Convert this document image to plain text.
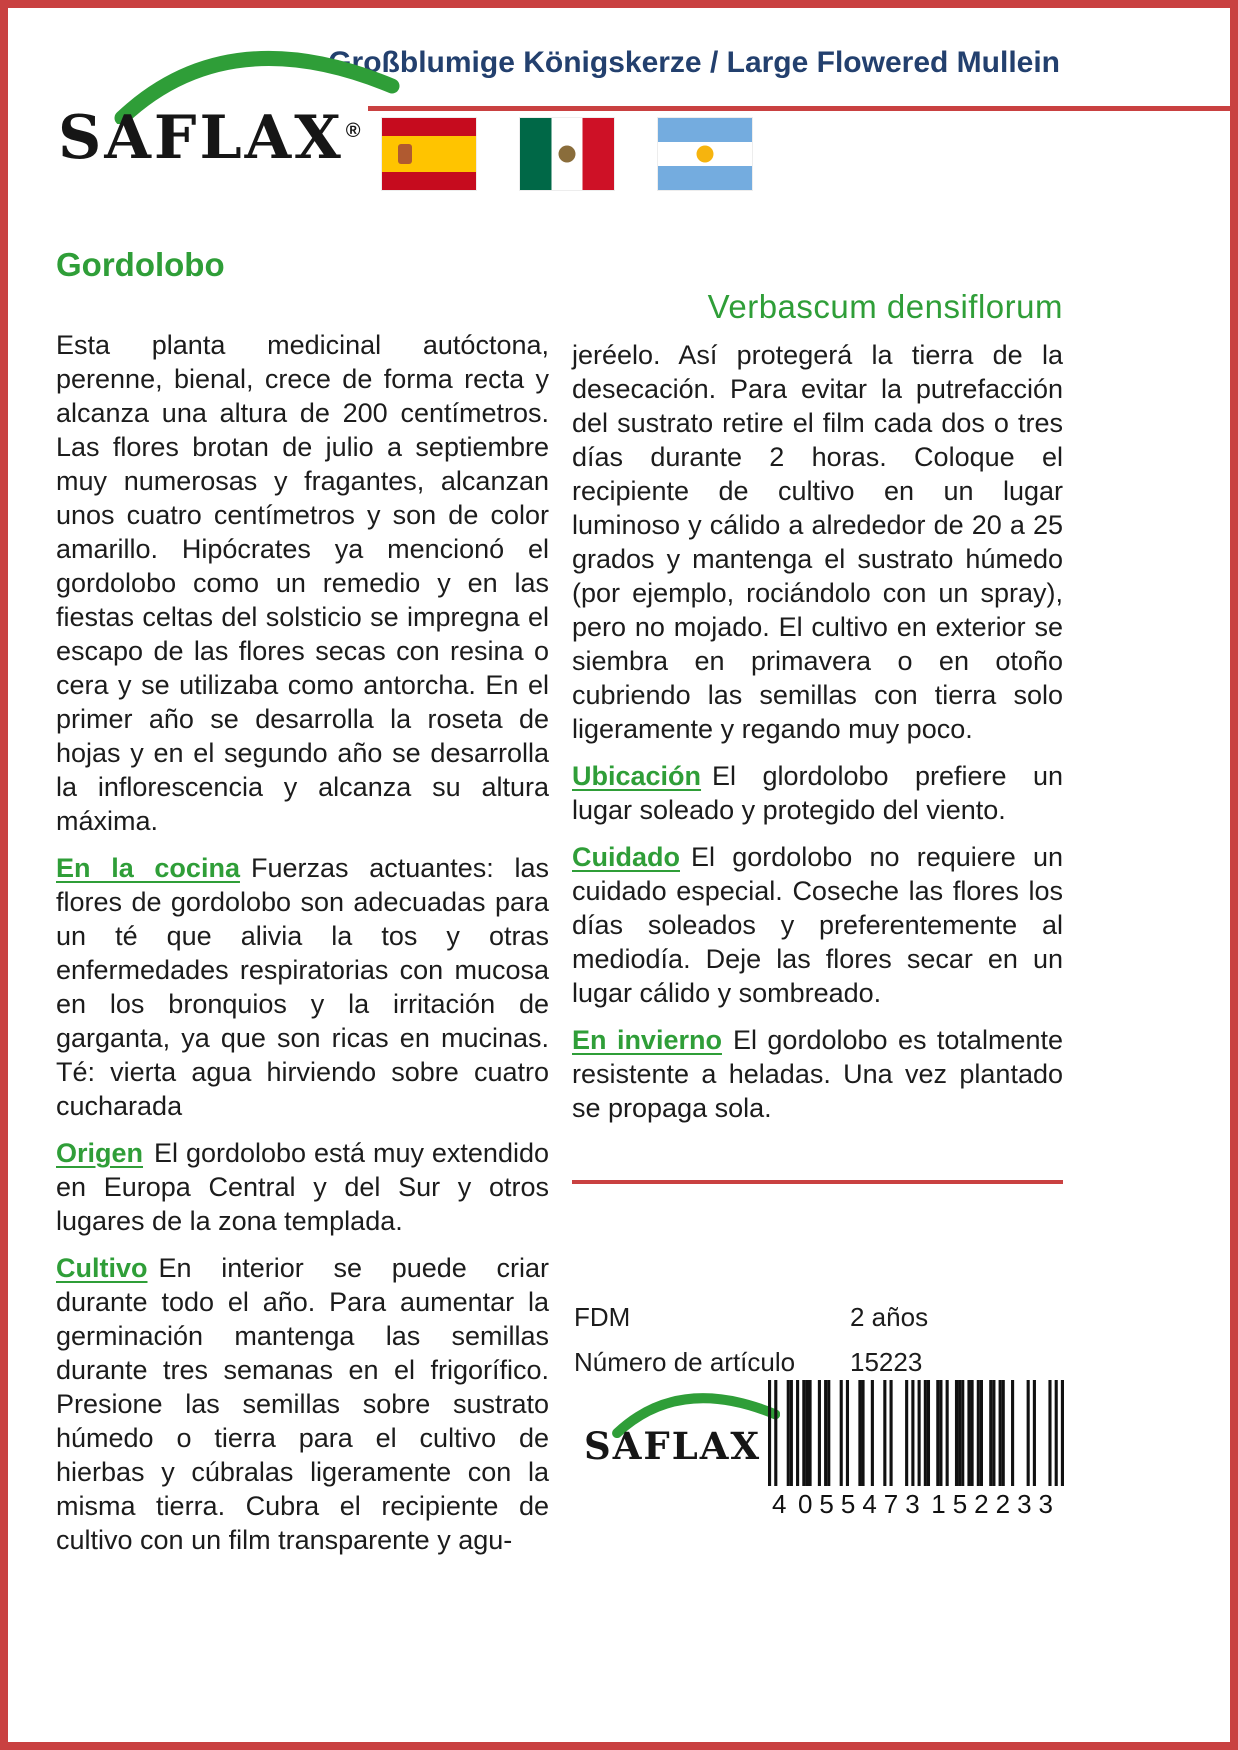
Großblumige Königskerze / Large Flowered Mullein
SAFLAX ®
Gordolobo

Esta planta medicinal autóctona, perenne, bienal, crece de forma recta y alcanza una altura de 200 centímetros. Las flores brotan de julio a septiembre muy numerosas y fragantes, alcanzan unos cuatro centímetros y son de color amarillo. Hipócrates ya mencionó el gordolobo como un remedio y en las fiestas celtas del solsticio se impregna el escapo de las flores secas con resina o cera y se utilizaba como antorcha. En el primer año se desarrolla la roseta de hojas y en el segundo año se desarrolla la inflorescencia y alcanza su altura máxima.

En la cocina Fuerzas actuantes: las flores de gordolobo son adecuadas para un té que alivia la tos y otras enfermedades respiratorias con mucosa en los bronquios y la irritación de garganta, ya que son ricas en mucinas. Té: vierta agua hirviendo sobre cuatro cucharada

Origen El gordolobo está muy extendido en Europa Central y del Sur y otros lugares de la zona templada.

Cultivo En interior se puede criar durante todo el año. Para aumentar la germinación mantenga las semillas durante tres semanas en el frigorífico. Presione las semillas sobre sustrato húmedo o tierra para el cultivo de hierbas y cúbralas ligeramente con la misma tierra. Cubra el recipiente de cultivo con un film transparente y agu-

Verbascum densiflorum

jeréelo. Así protegerá la tierra de la desecación. Para evitar la putrefacción del sustrato retire el film cada dos o tres días durante 2 horas. Coloque el recipiente de cultivo en un lugar luminoso y cálido a alrededor de 20 a 25 grados y mantenga el sustrato húmedo (por ejemplo, rociándolo con un spray), pero no mojado. El cultivo en exterior se siembra en primavera o en otoño cubriendo las semillas con tierra solo ligeramente y regando muy poco.

Ubicación El glordolobo prefiere un lugar soleado y protegido del viento.

Cuidado El gordolobo no requiere un cuidado especial. Coseche las flores los días soleados y preferentemente al mediodía. Deje las flores secar en un lugar cálido y sombreado.

En invierno El gordolobo es totalmente resistente a heladas. Una vez plantado se propaga sola.

FDM	2 años
Número de artículo	15223
SAFLAX
4 055473 152233
